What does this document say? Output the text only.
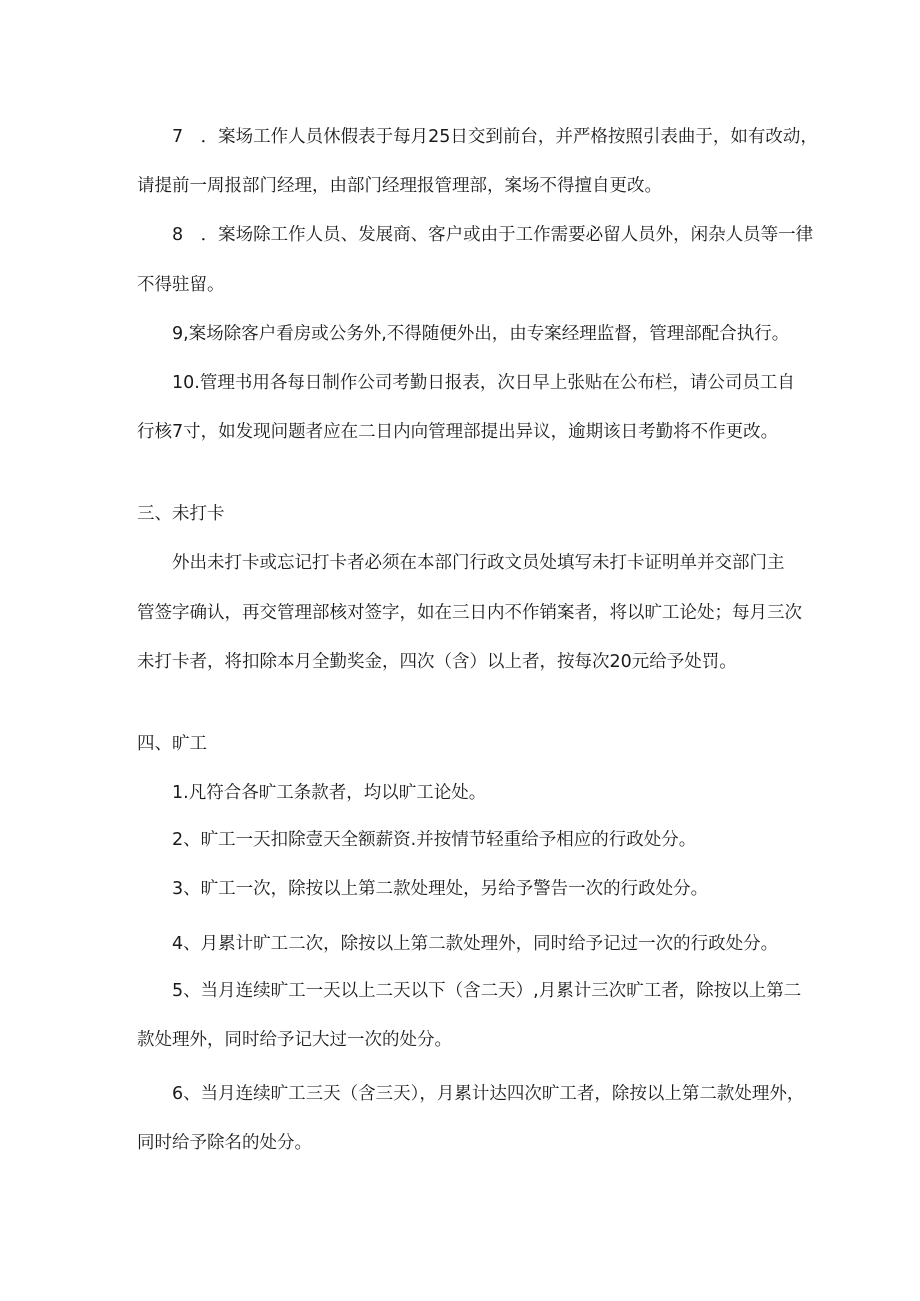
7　．案场工作人员休假表于每月25日交到前台，并严格按照引表曲于，如有改动，
请提前一周报部门经理，由部门经理报管理部，案场不得擅自更改。
8　．案场除工作人员、发展商、客户或由于工作需要必留人员外，闲杂人员等一律
不得驻留。
9,案场除客户看房或公务外,不得随便外出，由专案经理监督，管理部配合执行。
10.管理书用各每日制作公司考勤日报表，次日早上张贴在公布栏，请公司员工自
行核7寸，如发现问题者应在二日内向管理部提出异议，逾期该日考勤将不作更改。
三、未打卡
外出未打卡或忘记打卡者必须在本部门行政文员处填写未打卡证明单并交部门主
管签字确认，再交管理部核对签字，如在三日内不作销案者，将以旷工论处；每月三次
未打卡者，将扣除本月全勤奖金，四次（含）以上者，按每次20元给予处罚。
四、旷工
1.凡符合各旷工条款者，均以旷工论处。
2、旷工一天扣除壹天全额薪资.并按情节轻重给予相应的行政处分。
3、旷工一次，除按以上第二款处理处，另给予警告一次的行政处分。
4、月累计旷工二次，除按以上第二款处理外，同时给予记过一次的行政处分。
5、当月连续旷工一天以上二天以下（含二天）,月累计三次旷工者，除按以上第二
款处理外，同时给予记大过一次的处分。
6、当月连续旷工三天（含三天），月累计达四次旷工者，除按以上第二款处理外，
同时给予除名的处分。
